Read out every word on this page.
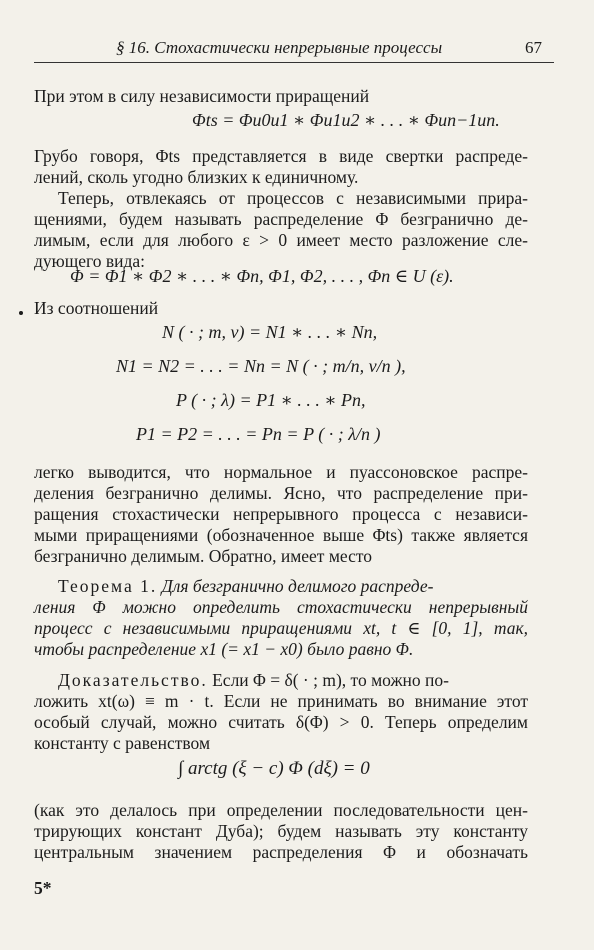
§ 16. Стохастически непрерывные процессы	67
При этом в силу независимости приращений
Φts = Φu0u1 ∗ Φu1u2 ∗ . . . ∗ Φun−1un.
Грубо говоря, Φts представляется в виде свертки распреде-
лений, сколь угодно близких к единичному.
Теперь, отвлекаясь от процессов с независимыми прира-
щениями, будем называть распределение Φ безгранично де-
лимым, если для любого ε > 0 имеет место разложение сле-
дующего вида:
Φ = Φ1 ∗ Φ2 ∗ . . . ∗ Φn, Φ1, Φ2, . . . , Φn ∈ U (ε).
Из соотношений
N ( · ; m, v) = N1 ∗ . . . ∗ Nn,
N1 = N2 = . . . = Nn = N ( · ; m/n, v/n ),
P ( · ; λ) = P1 ∗ . . . ∗ Pn,
P1 = P2 = . . . = Pn = P ( · ; λ/n )
легко выводится, что нормальное и пуассоновское распре-
деления безгранично делимы. Ясно, что распределение при-
ращения стохастически непрерывного процесса с независи-
мыми приращениями (обозначенное выше Φts) также является
безгранично делимым. Обратно, имеет место
Теорема 1. Для безгранично делимого распреде-
ления Φ можно определить стохастически непрерывный
процесс с независимыми приращениями xt, t ∈ [0, 1], так,
чтобы распределение x1 (= x1 − x0) было равно Φ.
Доказательство. Если Φ = δ( · ; m), то можно по-
ложить xt(ω) ≡ m · t. Если не принимать во внимание этот
особый случай, можно считать δ(Φ) > 0. Теперь определим
константу c равенством
∫ arctg (ξ − c) Φ (dξ) = 0
(как это делалось при определении последовательности цен-
трирующих констант Дуба); будем называть эту константу
центральным значением распределения Φ и обозначать
5*
